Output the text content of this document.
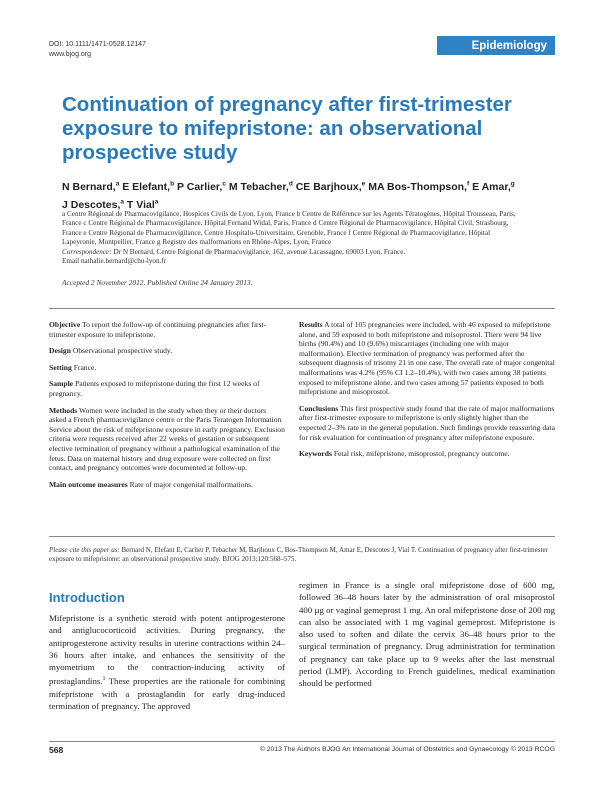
DOI: 10.1111/1471-0528.12147
www.bjog.org
Epidemiology
Continuation of pregnancy after first-trimester exposure to mifepristone: an observational prospective study
N Bernard,$^a$ E Elefant,$^b$ P Carlier,$^c$ M Tebacher,$^d$ CE Barjhoux,$^e$ MA Bos-Thompson,$^f$ E Amar,$^g$
J Descotes,$^a$ T Vial$^a$
a Centre Régional de Pharmacovigilance, Hospices Civils de Lyon, Lyon, France b Centre de Référence sur les Agents Tératogènes, Hôpital Trousseau, Paris, France c Centre Régional de Pharmacovigilance, Hôpital Fernand Widal, Paris, France d Centre Régional de Pharmacovigilance, Hôpital Civil, Strasbourg, France e Centre Régional de Pharmacovigilance, Centre Hospitalo-Universitaire, Grenoble, France f Centre Régional de Pharmacovigilance, Hôpital Lapeyronie, Montpellier, France g Registre des malformations en Rhône-Alpes, Lyon, France
Correspondence: Dr N Bernard, Centre Régional de Pharmacovigilance, 162, avenue Lacassagne, 69003 Lyon, France.
Email nathalie.bernard@chu-lyon.fr
Accepted 2 November 2012. Published Online 24 January 2013.

Objective To report the follow-up of continuing pregnancies after first-trimester exposure to mifepristone.

Design Observational prospective study.

Setting France.

Sample Patients exposed to mifepristone during the first 12 weeks of pregnancy.

Methods Women were included in the study when they or their doctors asked a French pharmacovigilance centre or the Paris Teratogen Information Service about the risk of mifepristone exposure in early pregnancy. Exclusion criteria were requests received after 22 weeks of gestation or subsequent elective termination of pregnancy without a pathological examination of the fetus. Data on maternal history and drug exposure were collected on first contact, and pregnancy outcomes were documented at follow-up.

Main outcome measures Rate of major congenital malformations.

Results A total of 105 pregnancies were included, with 46 exposed to mifepristone alone, and 59 exposed to both mifepristone and misoprostol. There were 94 live births (90.4%) and 10 (9.6%) miscarriages (including one with major malformation). Elective termination of pregnancy was performed after the subsequent diagnosis of trisomy 21 in one case. The overall rate of major congenital malformations was 4.2% (95% CI 1.2–10.4%), with two cases among 38 patients exposed to mifepristone alone, and two cases among 57 patients exposed to both mifepristone and misoprostol.

Conclusions This first prospective study found that the rate of major malformations after first-trimester exposure to mifepristone is only slightly higher than the expected 2–3% rate in the general population. Such findings provide reassuring data for risk evaluation for continuation of pregnancy after mifepristone exposure.

Keywords Fetal risk, mifepristone, misoprostol, pregnancy outcome.

Please cite this paper as: Bernard N, Elefant E, Carlier P, Tebacher M, Barjhoux C, Bos-Thompson M, Amar E, Descotes J, Vial T. Continuation of pregnancy after first-trimester exposure to mifepristone: an observational prospective study. BJOG 2013;120:568–575.
Introduction
Mifepristone is a synthetic steroid with potent antiprogesterone and antiglucocorticoid activities. During pregnancy, the antiprogesterone activity results in uterine contractions within 24–36 hours after intake, and enhances the sensitivity of the myometrium to the contraction-inducing activity of prostaglandins.$^1$ These properties are the rationale for combining mifepristone with a prostaglandin for early drug-induced termination of pregnancy. The approved
regimen in France is a single oral mifepristone dose of 600 mg, followed 36–48 hours later by the administration of oral misoprostol 400 µg or vaginal gemeprost 1 mg. An oral mifepristone dose of 200 mg can also be associated with 1 mg vaginal gemeprost. Mifepristone is also used to soften and dilate the cervix 36–48 hours prior to the surgical termination of pregnancy. Drug administration for termination of pregnancy can take place up to 9 weeks after the last menstrual period (LMP). According to French guidelines, medical examination should be performed
568	© 2013 The Authors BJOG An International Journal of Obstetrics and Gynaecology © 2013 RCOG
